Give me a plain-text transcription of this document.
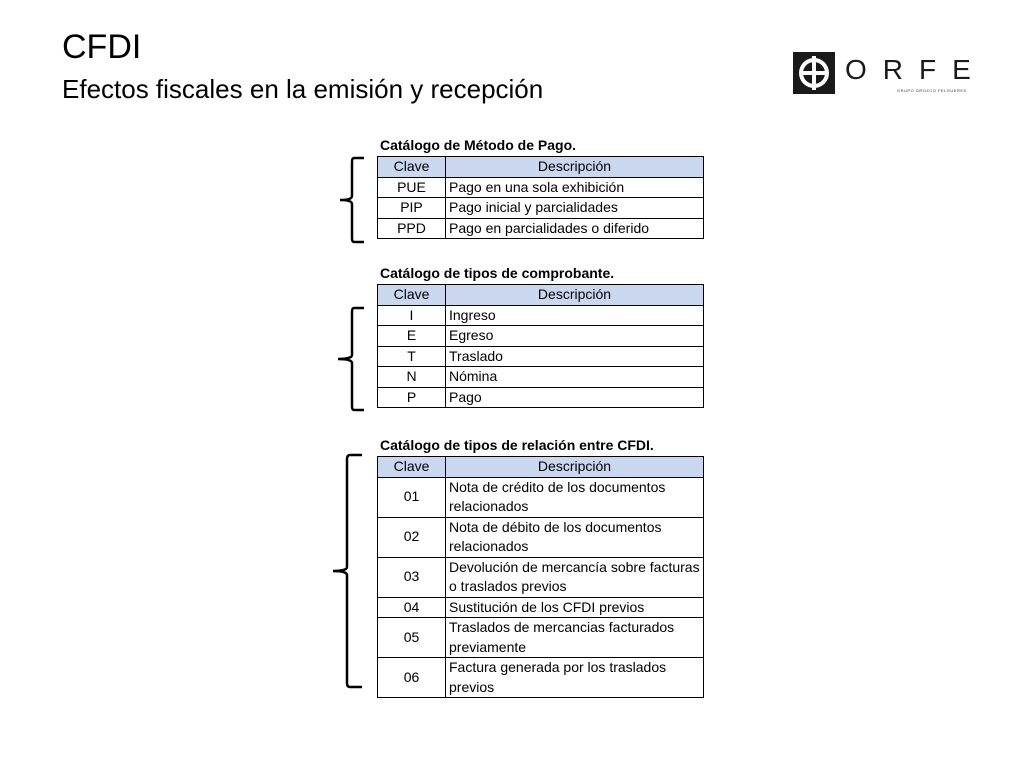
CFDI
Efectos fiscales en la emisión y recepción
ORFE
GRUPO OROZCO FELGUERES
Catálogo de Método de Pago.
Clave	Descripción
PUE	Pago en una sola exhibición
PIP	Pago inicial y parcialidades
PPD	Pago en parcialidades o diferido
Catálogo de tipos de comprobante.
Clave	Descripción
I	Ingreso
E	Egreso
T	Traslado
N	Nómina
P	Pago
Catálogo de tipos de relación entre CFDI.
Clave	Descripción
01	Nota de crédito de los documentos relacionados
02	Nota de débito de los documentos relacionados
03	Devolución de mercancía sobre facturas o traslados previos
04	Sustitución de los CFDI previos
05	Traslados de mercancias facturados previamente
06	Factura generada por los traslados previos
